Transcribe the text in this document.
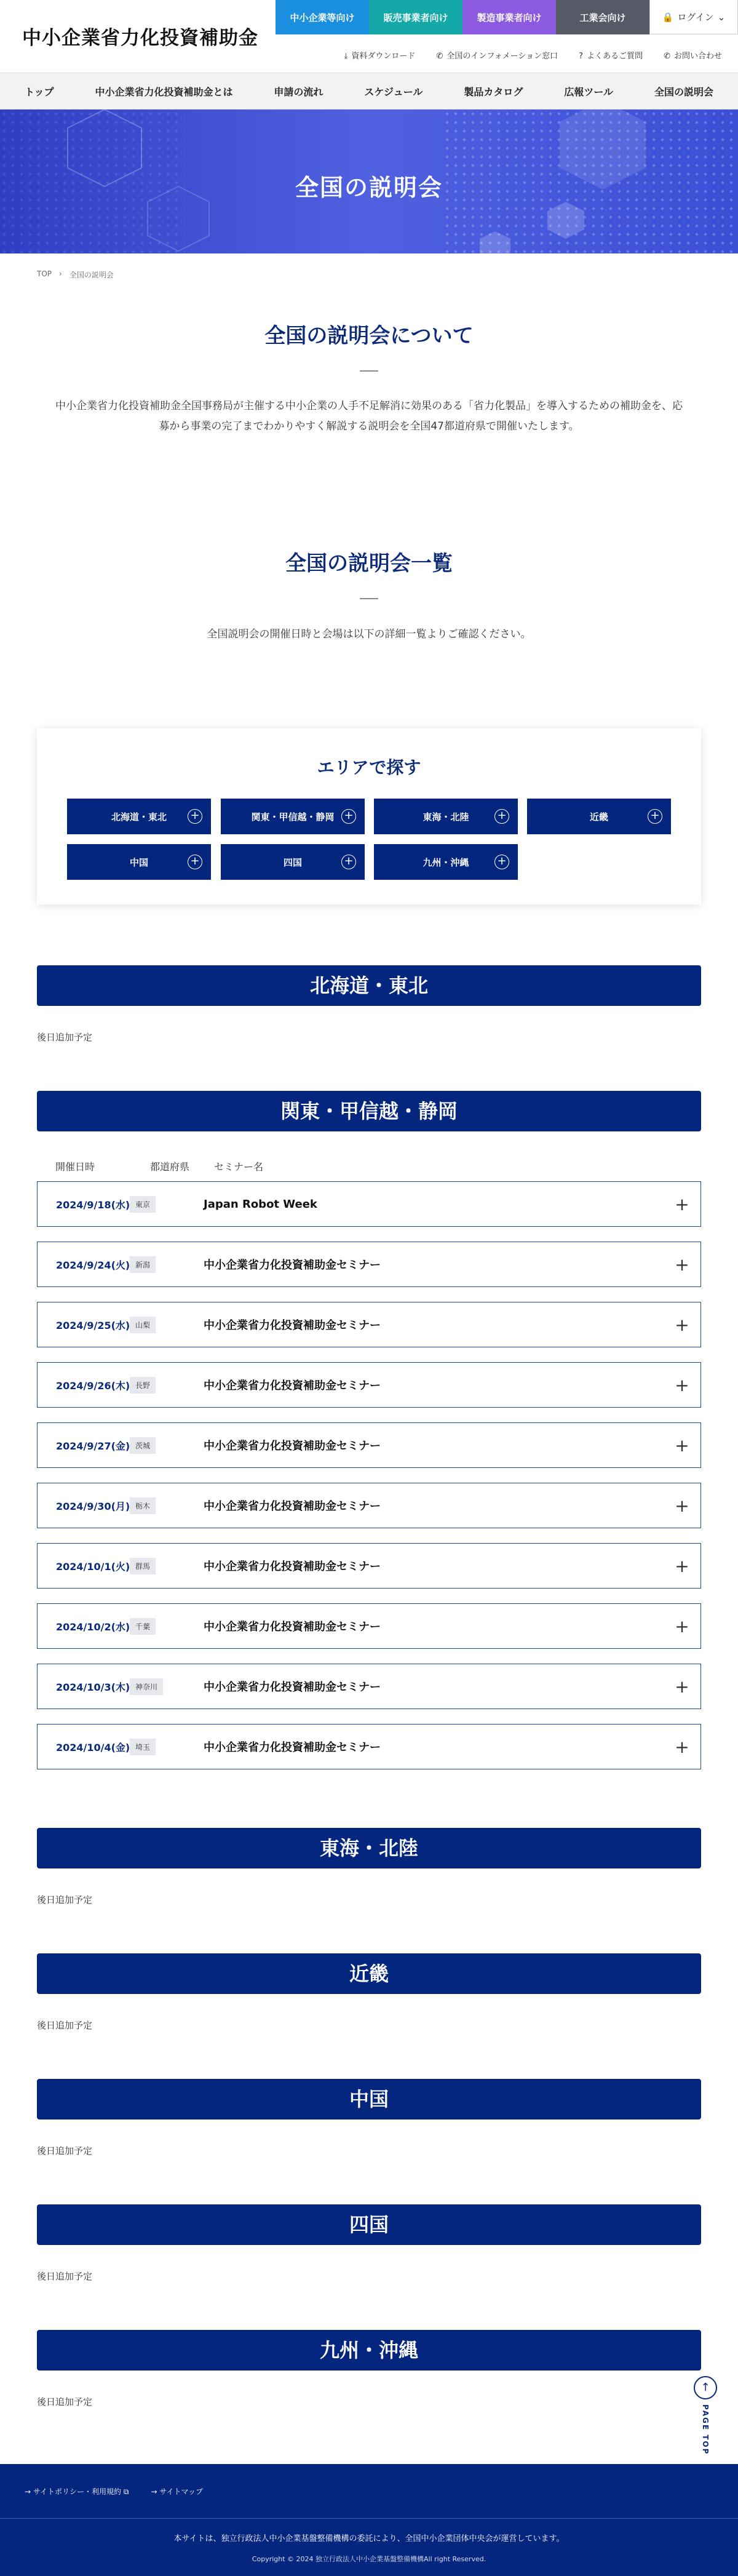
中小企業省力化投資補助金
中小企業等向け	販売事業者向け	製造事業者向け	工業会向け	🔒 ログイン ⌄
⤓ 資料ダウンロード	✆ 全国のインフォメーション窓口	? よくあるご質問	✆ お問い合わせ
トップ	中小企業省力化投資補助金とは	申請の流れ	スケジュール	製品カタログ	広報ツール	全国の説明会
全国の説明会
TOP › 全国の説明会
全国の説明会について

中小企業省力化投資補助金全国事務局が主催する中小企業の人手不足解消に効果のある「省力化製品」を導入するための補助金を、応
募から事業の完了までわかりやすく解説する説明会を全国47都道府県で開催いたします。

全国の説明会一覧

全国説明会の開催日時と会場は以下の詳細一覧よりご確認ください。

エリアで探す
北海道・東北 +	関東・甲信越・静岡 +	東海・北陸	+	近畿	+
中国	+	四国	+	九州・沖縄	+
北海道・東北
後日追加予定
関東・甲信越・静岡
開催日時	都道府県	セミナー名
2024/9/18(水) 東京	Japan Robot Week	+
2024/9/24(火) 新潟	中小企業省力化投資補助金セミナー	+
2024/9/25(水) 山梨	中小企業省力化投資補助金セミナー	+
2024/9/26(木) 長野	中小企業省力化投資補助金セミナー	+
2024/9/27(金) 茨城	中小企業省力化投資補助金セミナー	+
2024/9/30(月) 栃木	中小企業省力化投資補助金セミナー	+
2024/10/1(火) 群馬	中小企業省力化投資補助金セミナー	+
2024/10/2(水) 千葉	中小企業省力化投資補助金セミナー	+
2024/10/3(木) 神奈川	中小企業省力化投資補助金セミナー	+
2024/10/4(金) 埼玉	中小企業省力化投資補助金セミナー	+
東海・北陸
後日追加予定
近畿
後日追加予定
中国
後日追加予定
四国
後日追加予定
九州・沖縄
後日追加予定
↑
PAGE TOP
→ サイトポリシー・利用規約 ⧉	→ サイトマップ
本サイトは、独立行政法人中小企業基盤整備機構の委託により、全国中小企業団体中央会が運営しています。
Copyright © 2024 独立行政法人中小企業基盤整備機構All right Reserved.
